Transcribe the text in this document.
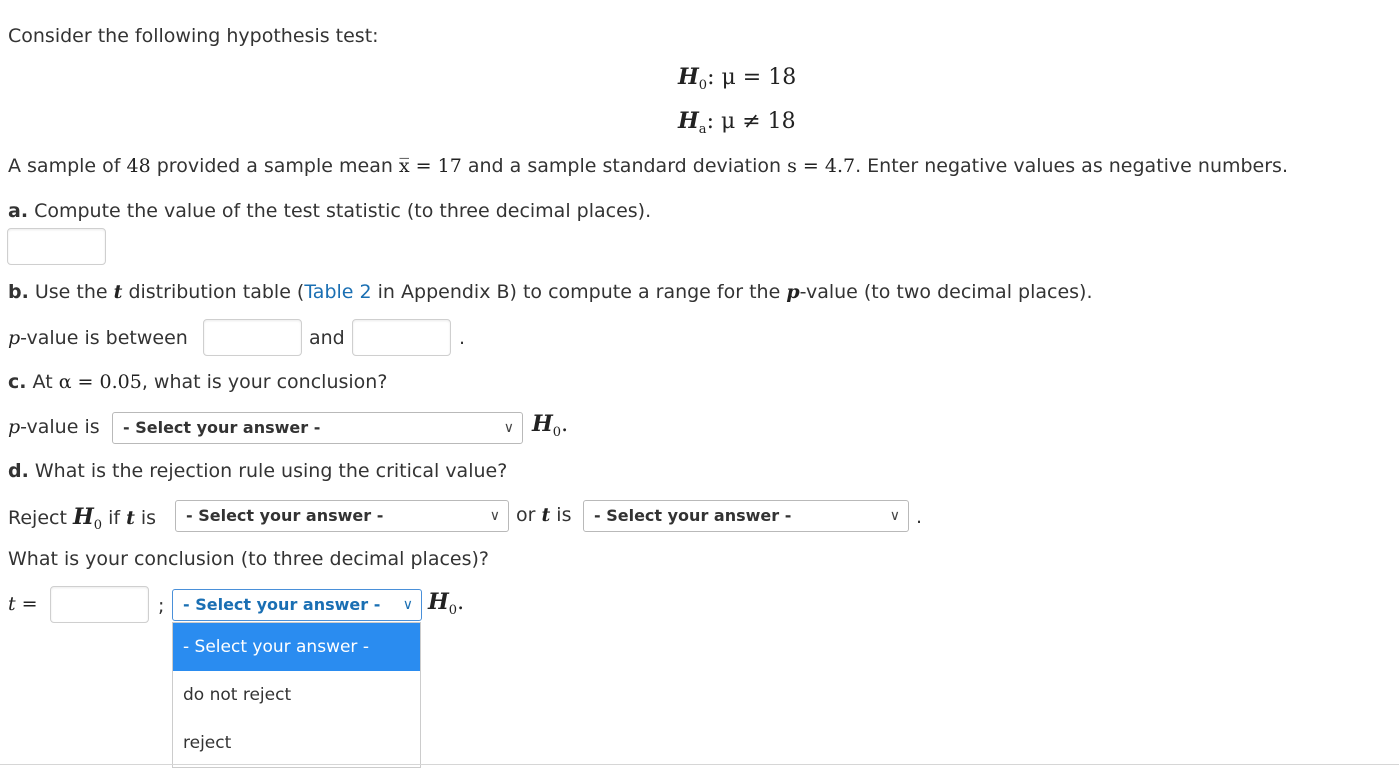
Consider the following hypothesis test:
$H_0$: μ = 18
$H_a$: μ ≠ 18
A sample of 48 provided a sample mean x̅ = 17 and a sample standard deviation s = 4.7. Enter negative values as negative numbers.
a. Compute the value of the test statistic (to three decimal places).
b. Use the t distribution table (Table 2 in Appendix B) to compute a range for the p-value (to two decimal places).
p-value is between	and	.
c. At α = 0.05, what is your conclusion?
p-value is	- Select your answer -	∨ $H_0$.
d. What is the rejection rule using the critical value?
Reject $H_0$ if t is	- Select your answer -	∨ or t is	- Select your answer -	∨ .
What is your conclusion (to three decimal places)?
t =	;	- Select your answer - ∨ $H_0$.
- Select your answer -
do not reject
reject
